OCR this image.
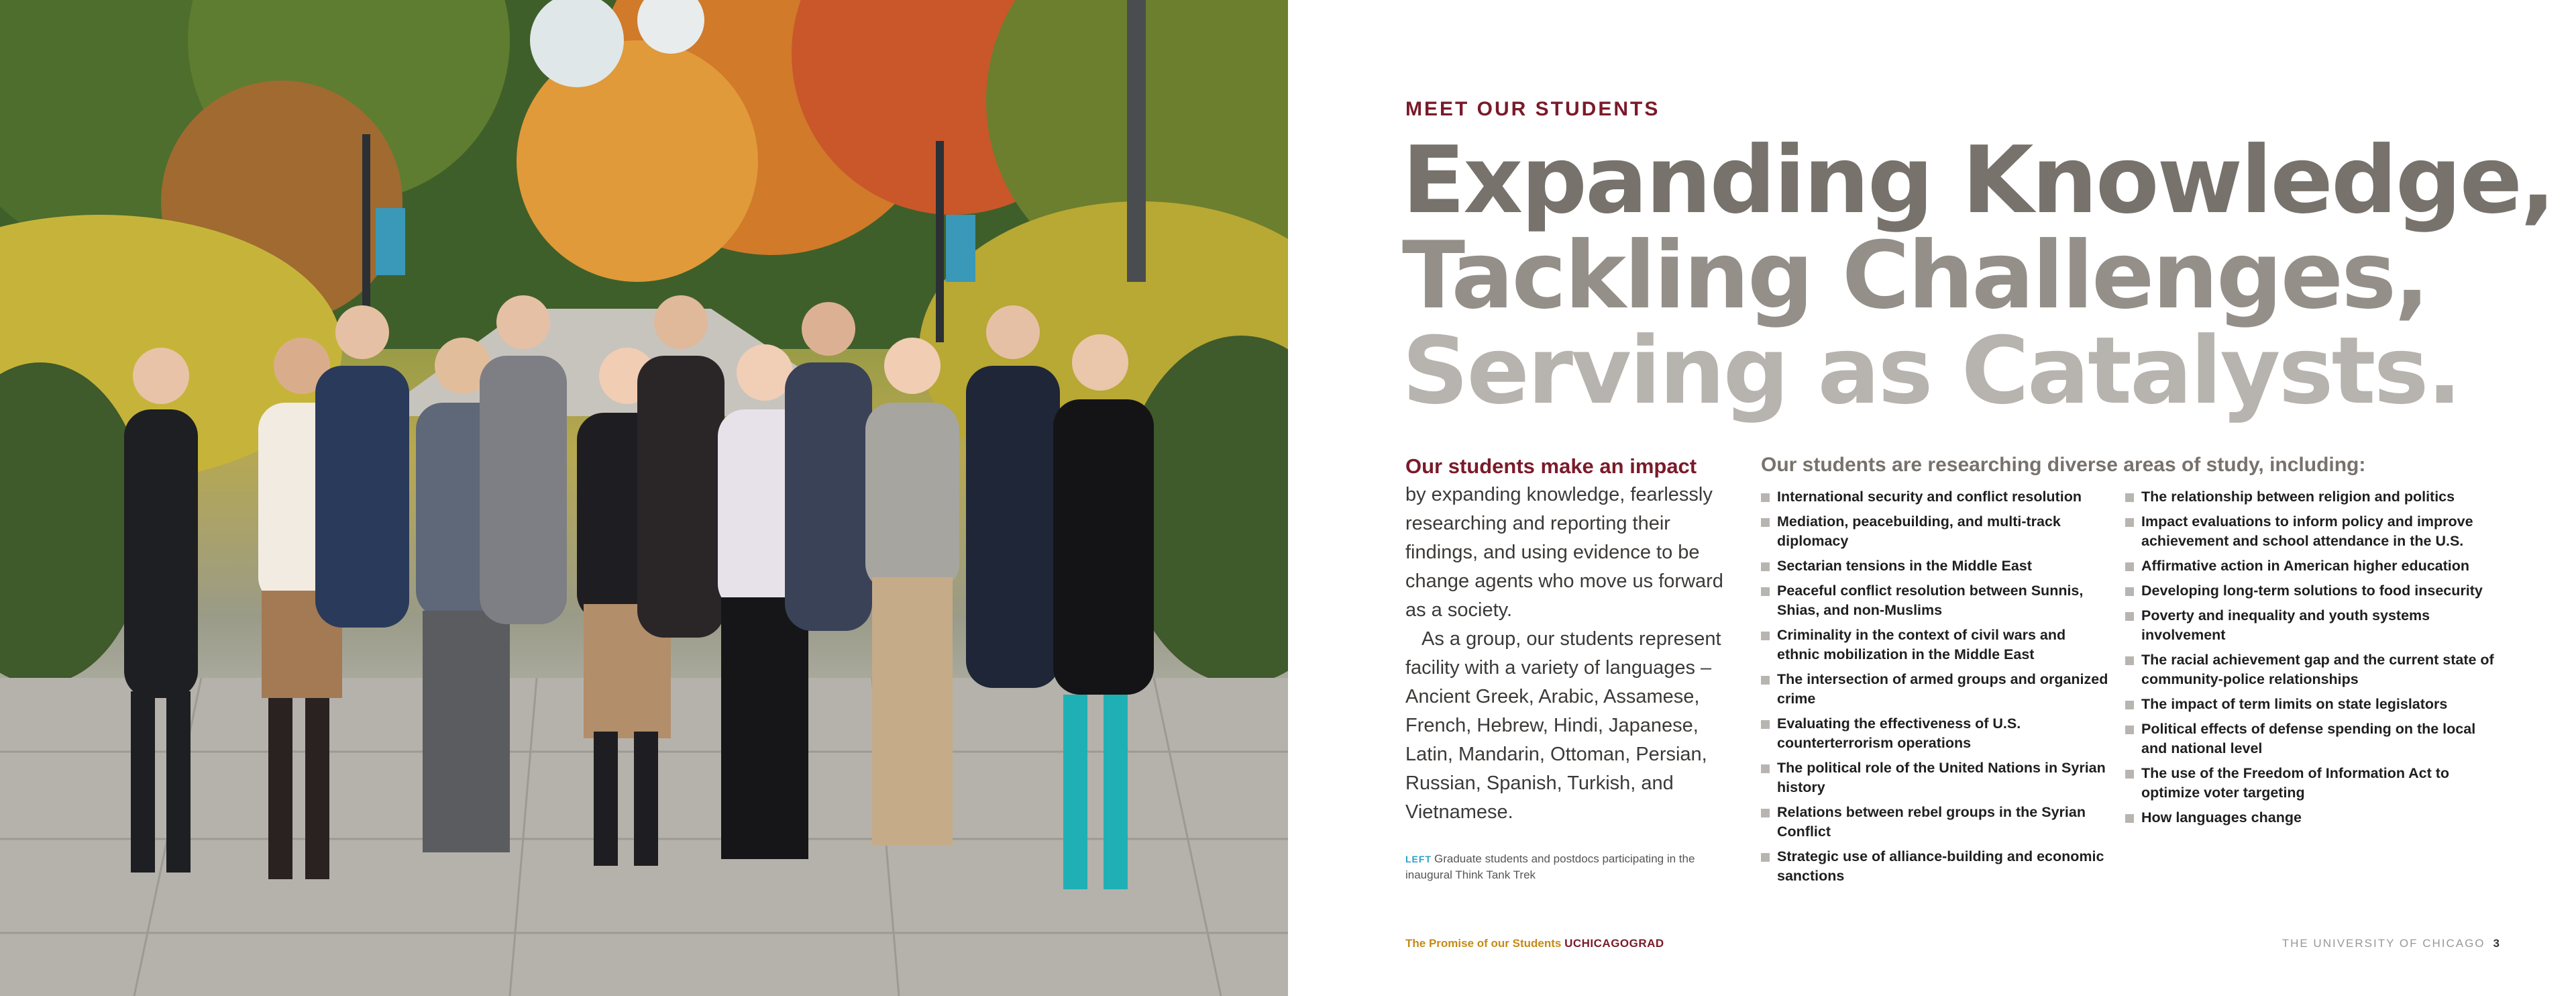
MEET OUR STUDENTS
Expanding Knowledge,
Tackling Challenges,
Serving as Catalysts.
Our students make an impact

by expanding knowledge, fearlessly researching and reporting their findings, and using evidence to be change agents who move us forward as a society.

As a group, our students represent facility with a variety of languages – Ancient Greek, Arabic, Assamese, French, Hebrew, Hindi, Japanese, Latin, Mandarin, Ottoman, Persian, Russian, Spanish, Turkish, and Vietnamese.

LEFT Graduate students and postdocs participating in the inaugural Think Tank Trek
Our students are researching diverse areas of study, including:
International security and conflict resolution
Mediation, peacebuilding, and multi-track diplomacy
Sectarian tensions in the Middle East
Peaceful conflict resolution between Sunnis, Shias, and non-Muslims
Criminality in the context of civil wars and ethnic mobilization in the Middle East
The intersection of armed groups and organized crime
Evaluating the effectiveness of U.S. counterterrorism operations
The political role of the United Nations in Syrian history
Relations between rebel groups in the Syrian Conflict
Strategic use of alliance-building and economic sanctions
The relationship between religion and politics
Impact evaluations to inform policy and improve achievement and school attendance in the U.S.
Affirmative action in American higher education
Developing long-term solutions to food insecurity
Poverty and inequality and youth systems involvement
The racial achievement gap and the current state of community-police relationships
The impact of term limits on state legislators
Political effects of defense spending on the local and national level
The use of the Freedom of Information Act to optimize voter targeting
How languages change
The Promise of our Students UCHICAGOGRAD	THE UNIVERSITY OF CHICAGO 3
